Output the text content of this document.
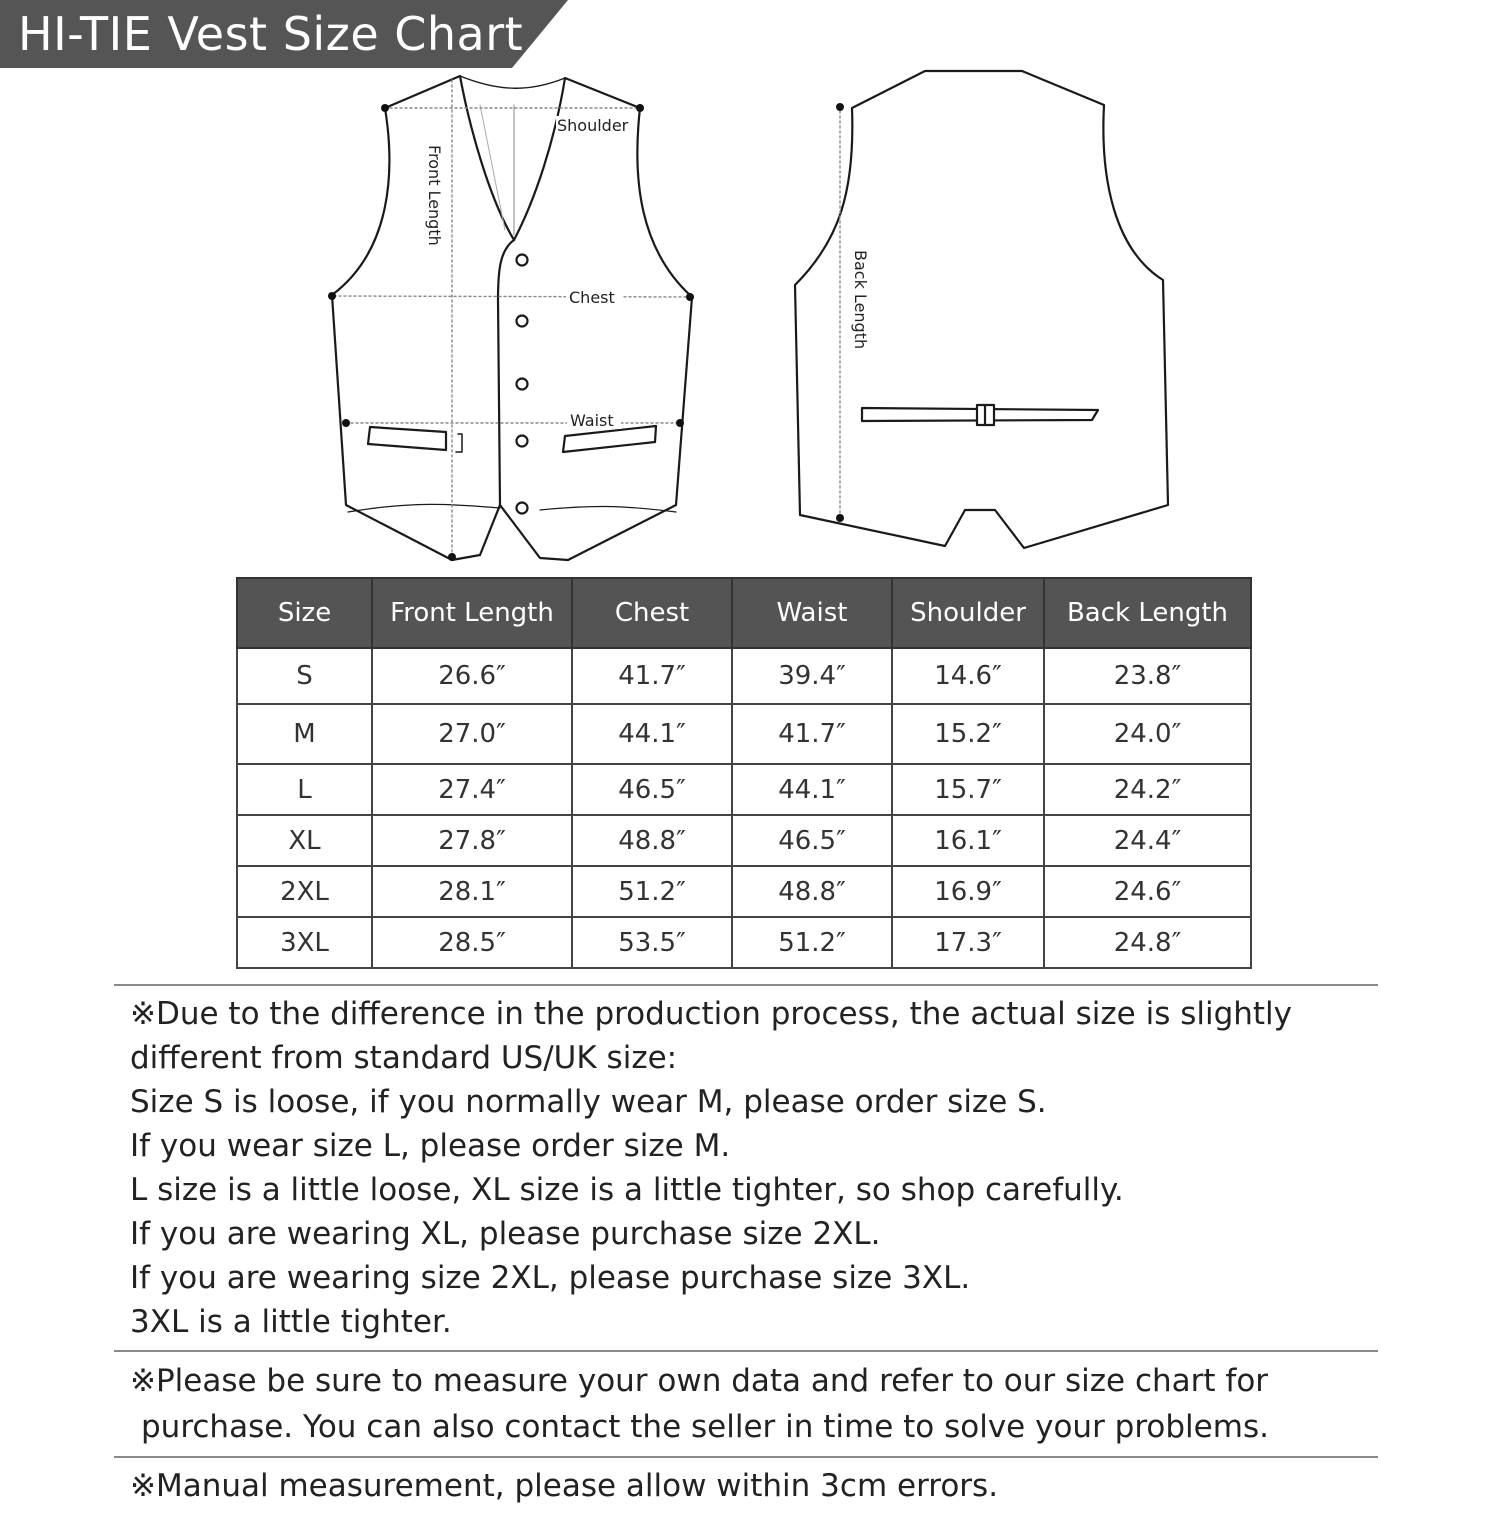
HI-TIE Vest Size Chart
Shoulder
Chest
Waist
Front Length
Back Length
Size	Front Length	Chest	Waist	Shoulder	Back Length
S	26.6″	41.7″	39.4″	14.6″	23.8″
M	27.0″	44.1″	41.7″	15.2″	24.0″
L	27.4″	46.5″	44.1″	15.7″	24.2″
XL	27.8″	48.8″	46.5″	16.1″	24.4″
2XL	28.1″	51.2″	48.8″	16.9″	24.6″
3XL	28.5″	53.5″	51.2″	17.3″	24.8″
※Due to the difference in the production process, the actual size is slightly
different from standard US/UK size:
Size S is loose, if you normally wear M, please order size S.
If you wear size L, please order size M.
L size is a little loose, XL size is a little tighter, so shop carefully.
If you are wearing XL, please purchase size 2XL.
If you are wearing size 2XL, please purchase size 3XL.
3XL is a little tighter.
※Please be sure to measure your own data and refer to our size chart for
purchase. You can also contact the seller in time to solve your problems.
※Manual measurement, please allow within 3cm errors.
